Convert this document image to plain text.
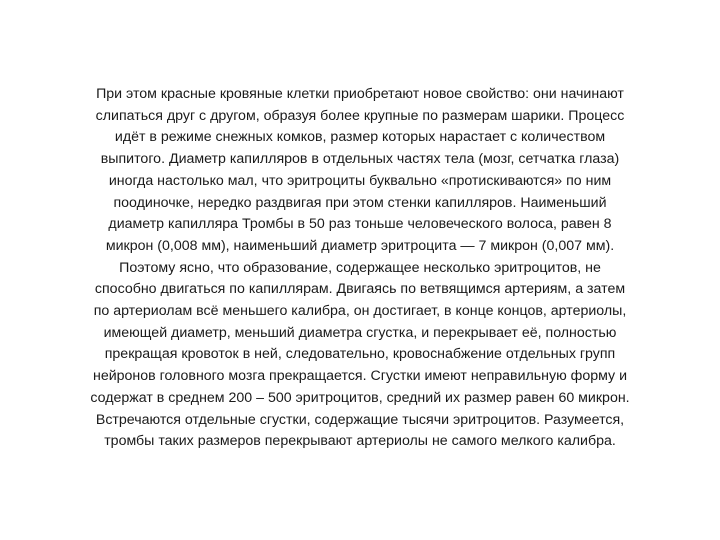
При этом красные кровяные клетки приобретают новое свойство: они начинают
слипаться друг с другом, образуя более крупные по размерам шарики. Процесс
идёт в режиме снежных комков, размер которых нарастает с количеством
выпитого. Диаметр капилляров в отдельных частях тела (мозг, сетчатка глаза)
иногда настолько мал, что эритроциты буквально «протискиваются» по ним
поодиночке, нередко раздвигая при этом стенки капилляров. Наименьший
диаметр капилляра Тромбы в 50 раз тоньше человеческого волоса, равен 8
микрон (0,008 мм), наименьший диаметр эритроцита — 7 микрон (0,007 мм).
Поэтому ясно, что образование, содержащее несколько эритроцитов, не
способно двигаться по капиллярам. Двигаясь по ветвящимся артериям, а затем
по артериолам всё меньшего калибра, он достигает, в конце концов, артериолы,
имеющей диаметр, меньший диаметра сгустка, и перекрывает её, полностью
прекращая кровоток в ней, следовательно, кровоснабжение отдельных групп
нейронов головного мозга прекращается. Сгустки имеют неправильную форму и
содержат в среднем 200 – 500 эритроцитов, средний их размер равен 60 микрон.
Встречаются отдельные сгустки, содержащие тысячи эритроцитов. Разумеется,
тромбы таких размеров перекрывают артериолы не самого мелкого калибра.
